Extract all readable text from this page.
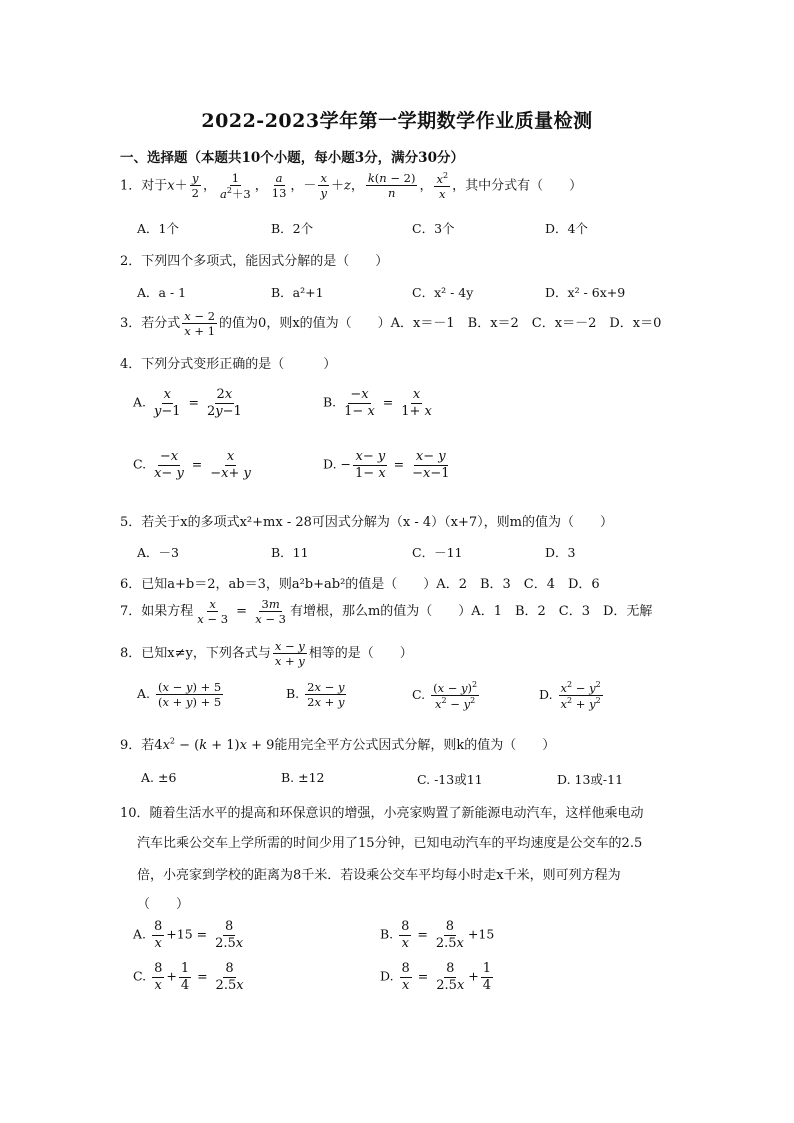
2022-2023学年第一学期数学作业质量检测
一、选择题（本题共10个小题，每小题3分，满分30分）
1．对于$x+ \frac{y}{2}$ ， $\frac{1}{a^2+3}$ ， $\frac{a}{13}$ ，－ $\frac{x}{y} +z$， $\frac{k(n - 2)}{n}$ ， $\frac{x^2}{x}$ ，其中分式有（　　）
A．1个	B．2个	C．3个	D．4个
2．下列四个多项式，能因式分解的是（　　）
A．a - 1	B．a²+1	C．x² - 4y	D．x² - 6x+9
3．若分式 $\frac{x - 2}{x + 1}$ 的值为0，则x的值为（　　）A．x＝－1　B．x＝2　C．x＝－2　D．x＝0
4．下列分式变形正确的是（　　　）
A. $\frac{x}{y-1} = \frac{2x}{2y-1}$	B. $\frac{-x}{1- x} = \frac{x}{1+ x}$
C. $\frac{-x}{x- y} = \frac{x}{-x+ y}$	D. − $\frac{x- y}{1- x} = \frac{x- y}{-x-1}$
5．若关于x的多项式x²+mx - 28可因式分解为（x - 4）（x+7），则m的值为（　　）
A．－3	B．11	C．－11	D．3
6．已知a+b＝2，ab＝3，则a²b+ab²的值是（　　）A．2　B．3　C．4　D．6
7．如果方程 $\frac{x}{x - 3} = \frac{3m}{x - 3}$ 有增根，那么m的值为（　　）A．1　B．2　C．3　D．无解
8．已知x≠y，下列各式与 $\frac{x - y}{x + y}$ 相等的是（　　）
A. $\frac{(x - y) + 5}{(x + y) + 5}$	B. $\frac{2x - y}{2x + y}$	C. $\frac{(x - y)^2}{x^2 - y^2}$	D. $\frac{x^2 - y^2}{x^2 + y^2}$
9．若$4x^2 - (k + 1)x + 9$能用完全平方公式因式分解，则k的值为（　　）
A. ±6	B. ±12	C. -13或11	D. 13或-11
10．随着生活水平的提高和环保意识的增强，小亮家购置了新能源电动汽车，这样他乘电动
汽车比乘公交车上学所需的时间少用了15分钟，已知电动汽车的平均速度是公交车的2.5
倍，小亮家到学校的距离为8千米．若设乘公交车平均每小时走x千米，则可列方程为
（　　）
A. $\frac{8}{x} +15 = \frac{8}{2.5x}$	B. $\frac{8}{x} = \frac{8}{2.5x} +15$
C. $\frac{8}{x} + \frac{1}{4} = \frac{8}{2.5x}$	D. $\frac{8}{x} = \frac{8}{2.5x} + \frac{1}{4}$
